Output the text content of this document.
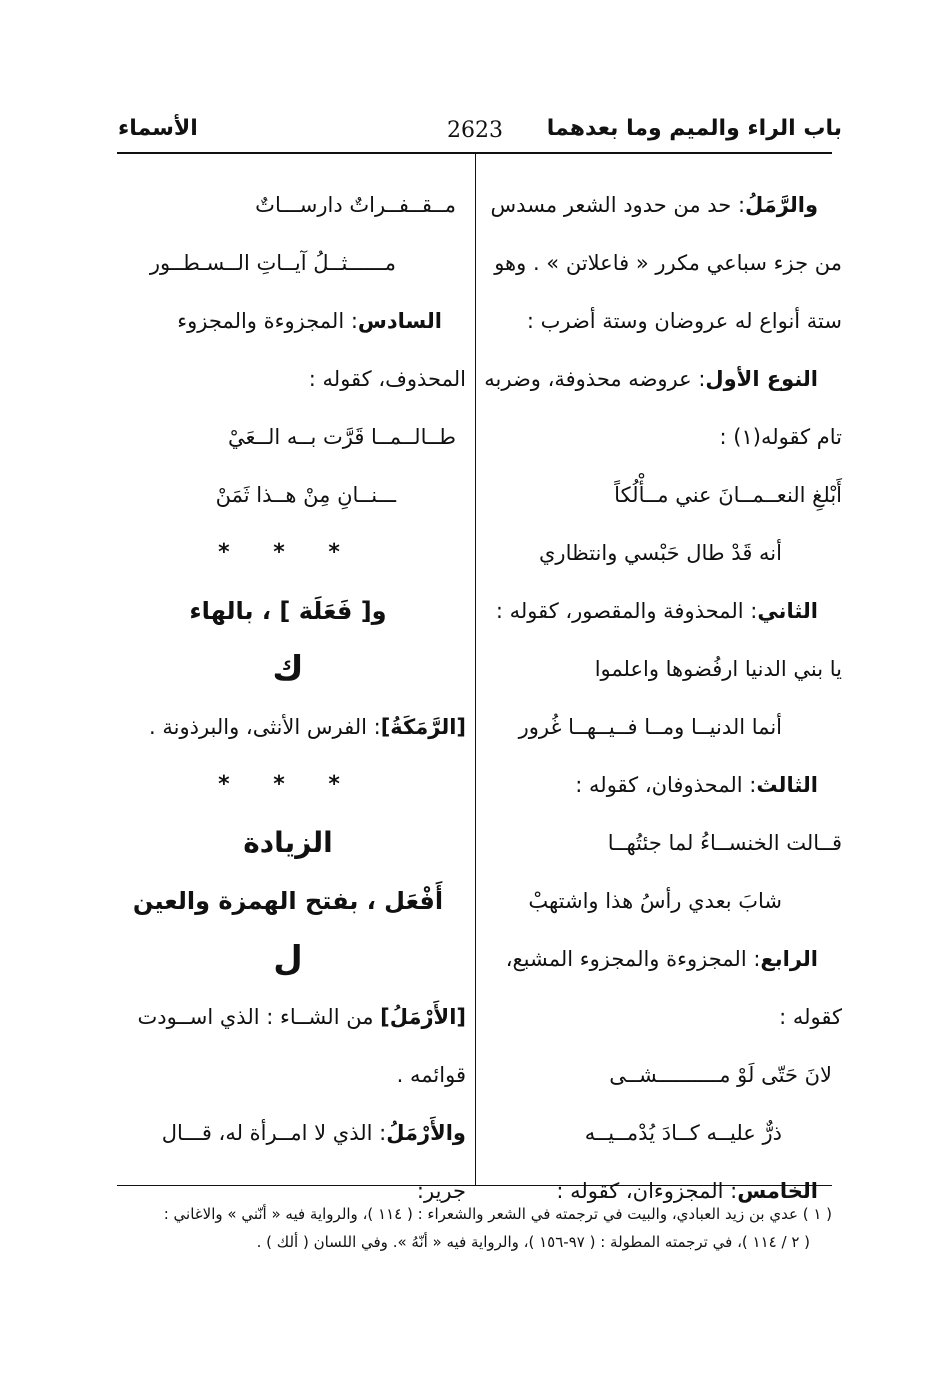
باب الراء والميم وما بعدهما
2623
الأسماء
والرَّمَلُ: حد من حدود الشعر مسدس
من جزء سباعي مكرر « فاعلاتن » . وهو
ستة أنواع له عروضان وستة أضرب :
النوع الأول: عروضه محذوفة، وضربه
تام كقوله(١) :
أَبْلغِ النعــمــانَ عني مــأْلُكاً
أنه قَدْ طال حَبْسي وانتظاري
الثاني: المحذوفة والمقصور، كقوله :
يا بني الدنيا ارفُضوها واعلموا
أنما الدنيــا ومــا فــيــهــا غُرور
الثالث: المحذوفان، كقوله :
قــالت الخنســاءُ لما جئتُهــا
شابَ بعدي رأسُ هذا واشتهبْ
الرابع: المجزوءة والمجزوء المشبع،
كقوله :
لانَ حَتّى لَوْ مــــــــــشــى
ذرٌّ عليــه كــادَ يُدْمــيــه
الخامس: المجزوءان، كقوله :
مــقــفــراتٌ دارســـاتٌ
مــــــثــلُ آيــاتِ الــسـطــور
السادس: المجزوءة والمجزوء
المحذوف، كقوله :
طــالــمــا قَرَّت بــه الــعَيْ
ـــنــانِ مِنْ هــذا ثَمَنْ
* * *
و[ فَعَلَة ] ، بالهاء
ك
[الرَّمَكَةُ]: الفرس الأنثى، والبرذونة .
* * *
الزيادة
أَفْعَل ، بفتح الهمزة والعين
ل
[الأَرْمَلُ] من الشــاء : الذي اســودت
قوائمه .
والأَرْمَلُ: الذي لا امــرأة له، قـــال
جرير:
( ١ ) عدي بن زيد العبادي، والبيت في ترجمته في الشعر والشعراء : ( ١١٤ )، والرواية فيه « أنّني » والاغاني :
( ٢ / ١١٤ )، في ترجمته المطولة : ( ٩٧-١٥٦ )، والرواية فيه « أنّهُ ». وفي اللسان ( ألك ) .
